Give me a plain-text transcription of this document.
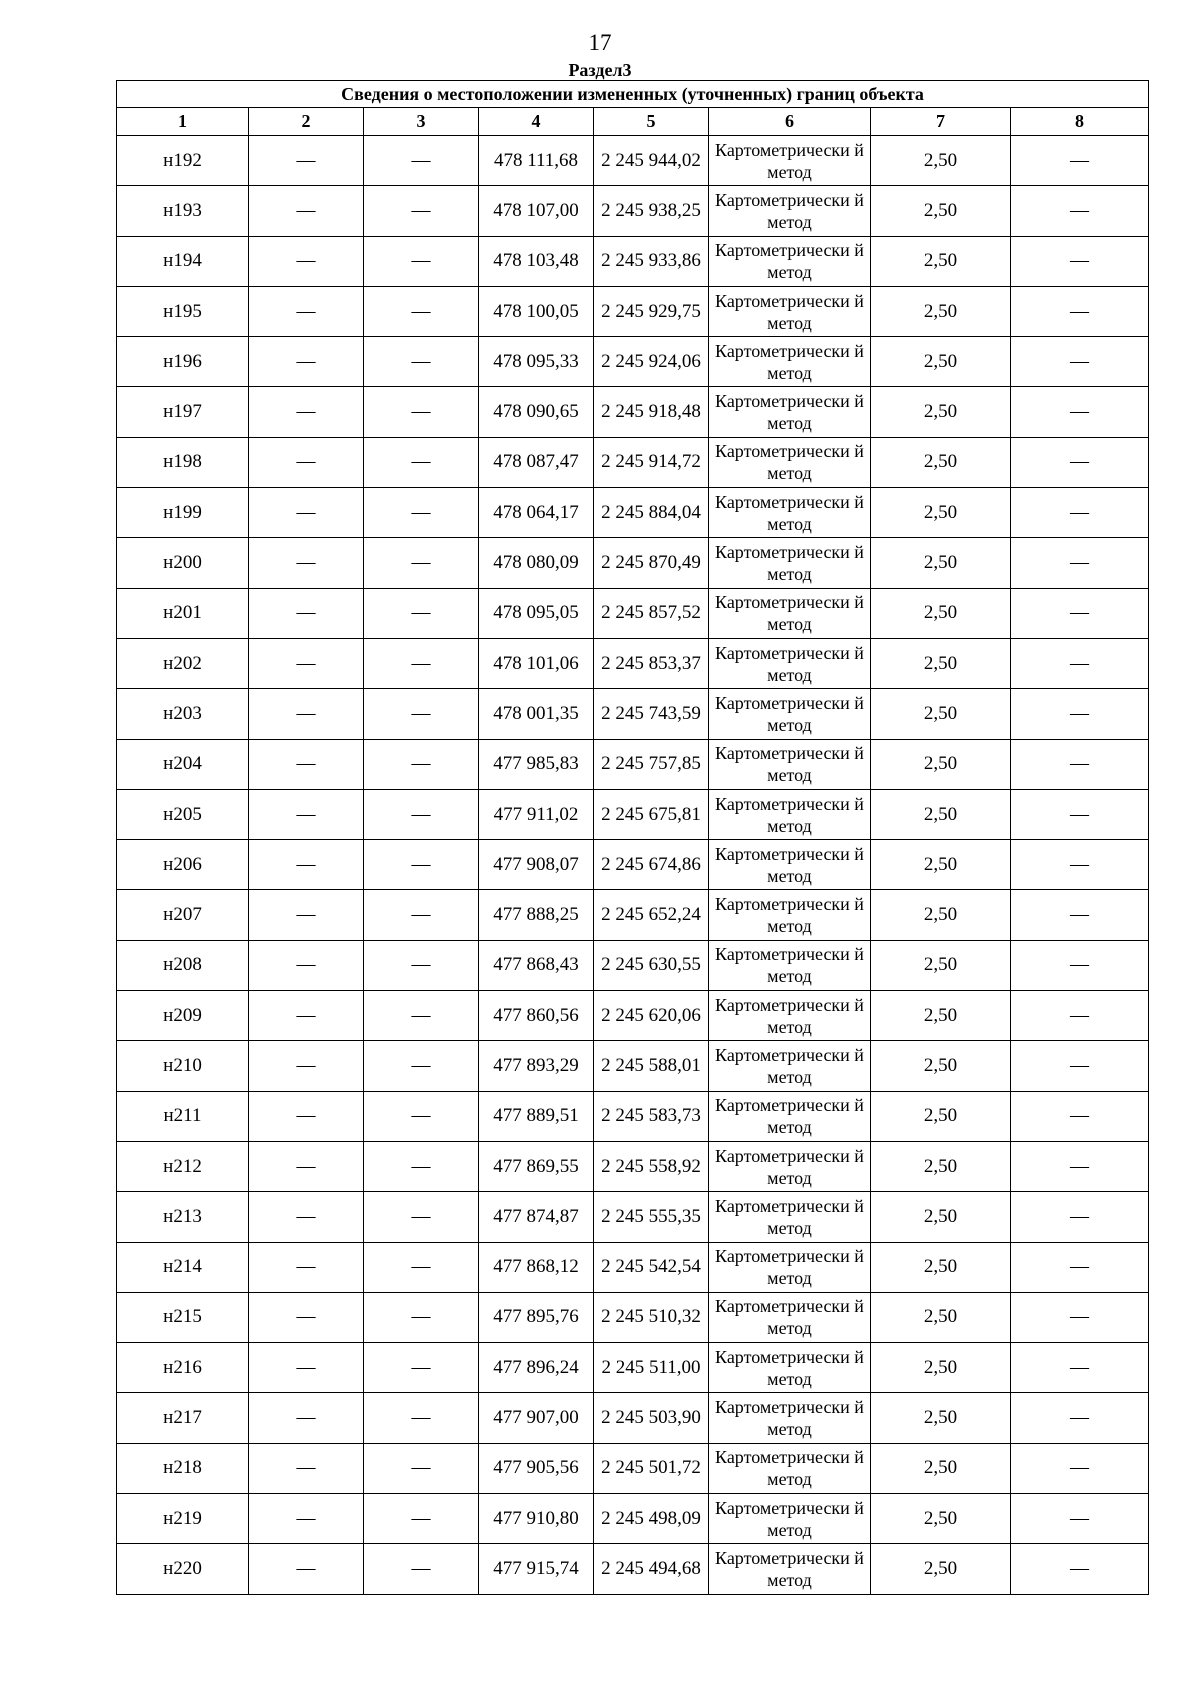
17
Раздел3
Сведения о местоположении измененных (уточненных) границ объекта							
1	2	3	4	5	6	7	8
н192	—	—	478 111,68	2 245 944,02	Картометрически й метод	2,50	—
н193	—	—	478 107,00	2 245 938,25	Картометрически й метод	2,50	—
н194	—	—	478 103,48	2 245 933,86	Картометрически й метод	2,50	—
н195	—	—	478 100,05	2 245 929,75	Картометрически й метод	2,50	—
н196	—	—	478 095,33	2 245 924,06	Картометрически й метод	2,50	—
н197	—	—	478 090,65	2 245 918,48	Картометрически й метод	2,50	—
н198	—	—	478 087,47	2 245 914,72	Картометрически й метод	2,50	—
н199	—	—	478 064,17	2 245 884,04	Картометрически й метод	2,50	—
н200	—	—	478 080,09	2 245 870,49	Картометрически й метод	2,50	—
н201	—	—	478 095,05	2 245 857,52	Картометрически й метод	2,50	—
н202	—	—	478 101,06	2 245 853,37	Картометрически й метод	2,50	—
н203	—	—	478 001,35	2 245 743,59	Картометрически й метод	2,50	—
н204	—	—	477 985,83	2 245 757,85	Картометрически й метод	2,50	—
н205	—	—	477 911,02	2 245 675,81	Картометрически й метод	2,50	—
н206	—	—	477 908,07	2 245 674,86	Картометрически й метод	2,50	—
н207	—	—	477 888,25	2 245 652,24	Картометрически й метод	2,50	—
н208	—	—	477 868,43	2 245 630,55	Картометрически й метод	2,50	—
н209	—	—	477 860,56	2 245 620,06	Картометрически й метод	2,50	—
н210	—	—	477 893,29	2 245 588,01	Картометрически й метод	2,50	—
н211	—	—	477 889,51	2 245 583,73	Картометрически й метод	2,50	—
н212	—	—	477 869,55	2 245 558,92	Картометрически й метод	2,50	—
н213	—	—	477 874,87	2 245 555,35	Картометрически й метод	2,50	—
н214	—	—	477 868,12	2 245 542,54	Картометрически й метод	2,50	—
н215	—	—	477 895,76	2 245 510,32	Картометрически й метод	2,50	—
н216	—	—	477 896,24	2 245 511,00	Картометрически й метод	2,50	—
н217	—	—	477 907,00	2 245 503,90	Картометрически й метод	2,50	—
н218	—	—	477 905,56	2 245 501,72	Картометрически й метод	2,50	—
н219	—	—	477 910,80	2 245 498,09	Картометрически й метод	2,50	—
н220	—	—	477 915,74	2 245 494,68	Картометрически й метод	2,50	—
